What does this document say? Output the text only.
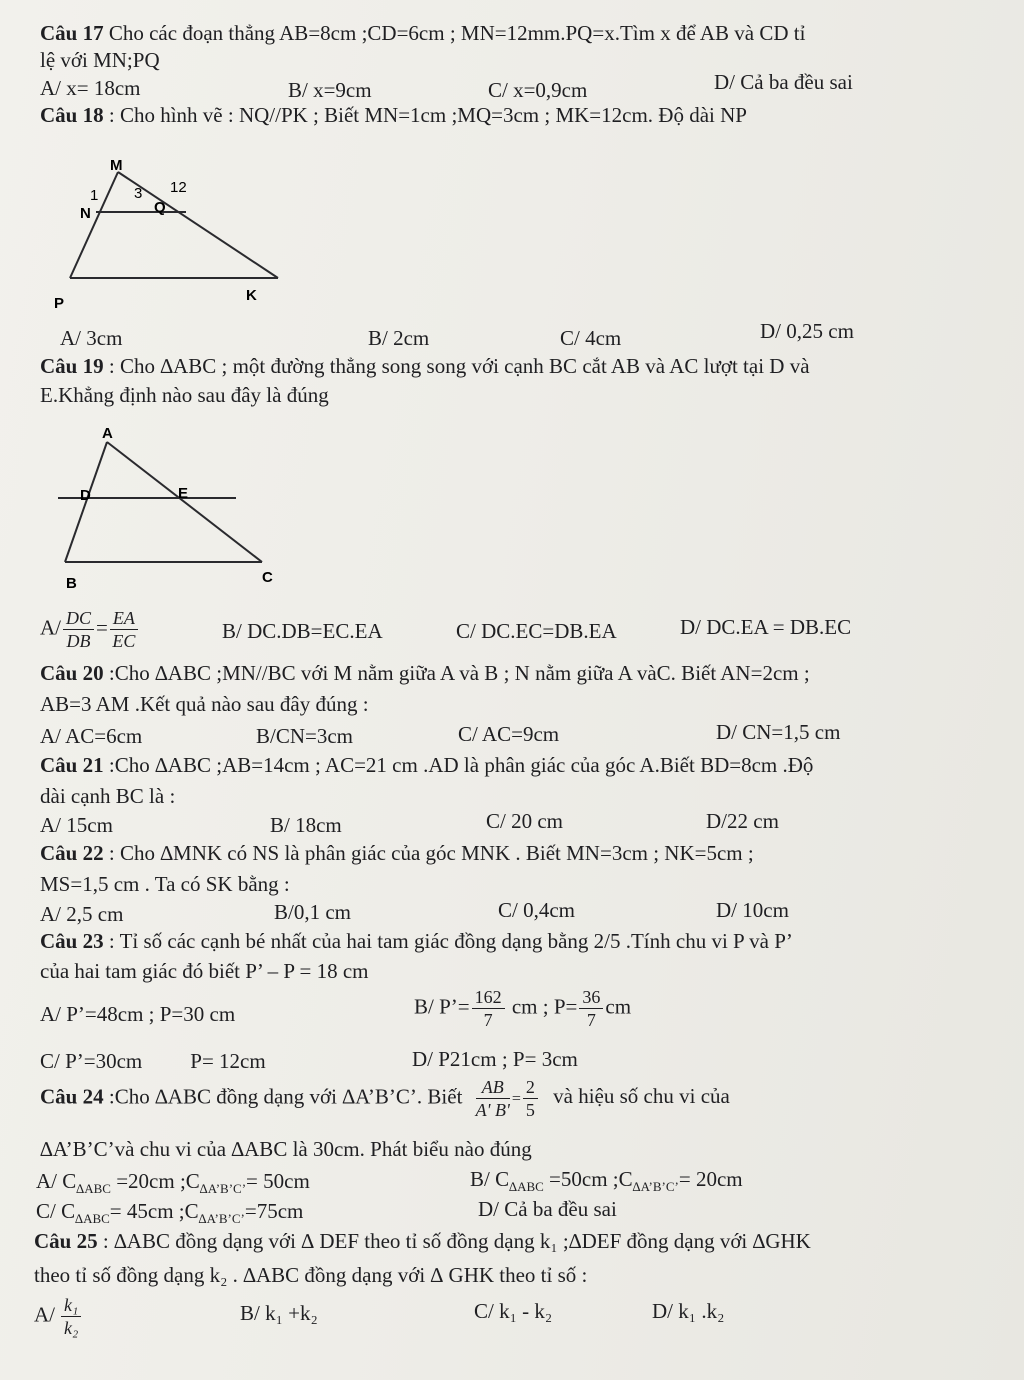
Câu 17 Cho các đoạn thẳng AB=8cm ;CD=6cm ; MN=12mm.PQ=x.Tìm x để AB và CD tỉ
lệ với MN;PQ
A/ x= 18cm	B/ x=9cm	C/ x=0,9cm	D/ Cả ba đều sai
Câu 18 : Cho hình vẽ : NQ//PK ; Biết MN=1cm ;MQ=3cm ; MK=12cm. Độ dài NP
M
N	Q
P	K
1 3 12
A/ 3cm	B/ 2cm	C/ 4cm	D/ 0,25 cm
Câu 19 : Cho ∆ABC ; một đường thẳng song song với cạnh BC cắt AB và AC lượt tại D và
E.Khẳng định nào sau đây là đúng
A
D	E
B	C
$A/ \frac{DC}{DB} = \frac{EA}{EC}$	B/ DC.DB=EC.EA	C/ DC.EC=DB.EA	D/ DC.EA = DB.EC
Câu 20 :Cho ∆ABC ;MN//BC với M nằm giữa A và B ; N nằm giữa A vàC. Biết AN=2cm ;
AB=3 AM .Kết quả nào sau đây đúng :
A/ AC=6cm	B/CN=3cm	C/ AC=9cm	D/ CN=1,5 cm
Câu 21 :Cho ∆ABC ;AB=14cm ; AC=21 cm .AD là phân giác của góc A.Biết BD=8cm .Độ
dài cạnh BC là :
A/ 15cm	B/ 18cm	C/ 20 cm	D/22 cm
Câu 22 : Cho ∆MNK có NS là phân giác của góc MNK . Biết MN=3cm ; NK=5cm ;
MS=1,5 cm . Ta có SK bằng :
A/ 2,5 cm	B/0,1 cm	C/ 0,4cm	D/ 10cm
Câu 23 : Tỉ số các cạnh bé nhất của hai tam giác đồng dạng bằng 2/5 .Tính chu vi P và P’
của hai tam giác đó biết P’ – P = 18 cm
A/ P’=48cm ; P=30 cm	B/ P’= $\frac{162}{7}$ cm ; $P= \frac{36}{7}$ cm
C/ P’=30cm P= 12cm	D/ P21cm ; P= 3cm
Câu 24 :Cho ∆ABC đồng dạng với ∆A’B’C’. Biết $\frac{AB}{A' B'} = \frac{2}{5}$ và hiệu số chu vi của
∆A’B’C’và chu vi của ∆ABC là 30cm. Phát biểu nào đúng
A/ $C_{\Delta ABC} =20cm$ $;C_{\Delta A’B’C’}= 50cm$	B/ $C_{\Delta ABC} =50cm$ $;C_{\Delta A’B’C’}= 20cm$
C/ $C_{\Delta ABC}= 45cm$ $;C_{\Delta A’B’C’}=75cm$	D/ Cả ba đều sai
Câu 25 : ∆ABC đồng dạng với ∆ DEF theo tỉ số đồng dạng k₁ ;∆DEF đồng dạng với ∆GHK
theo tỉ số đồng dạng k₂ . ∆ABC đồng dạng với ∆ GHK theo tỉ số :
$A/ \frac{\text{k₁}}{\text{k₂}}$	B/ k₁ +k₂	C/ k₁ - k₂	D/ k₁ .k₂
